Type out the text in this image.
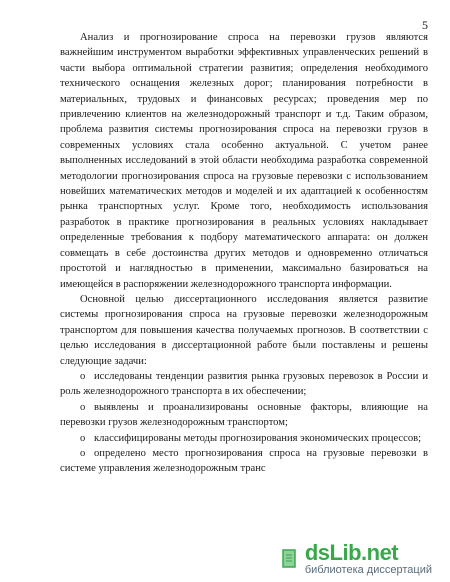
5

Анализ и прогнозирование спроса на перевозки грузов являются важнейшим инструментом выработки эффективных управленческих решений в части выбора оптимальной стратегии развития; определения необходимого технического оснащения железных дорог; планирования потребности в материальных, трудовых и финансовых ресурсах; проведения мер по привлечению клиентов на железнодорожный транспорт и т.д. Таким образом, проблема развития системы прогнозирования спроса на перевозки грузов в современных условиях стала особенно актуальной. С учетом ранее выполненных исследований в этой области необходима разработка современной методологии прогнозирования спроса на грузовые перевозки с использованием новейших математических методов и моделей и их адаптацией к особенностям рынка транспортных услуг. Кроме того, необходимость использования разработок в практике прогнозирования в реальных условиях накладывает определенные требования к подбору математического аппарата: он должен совмещать в себе достоинства других методов и одновременно отличаться простотой и наглядностью в применении, максимально базироваться на имеющейся в распоряжении железнодорожного транспорта информации.

Основной целью диссертационного исследования является развитие системы прогнозирования спроса на грузовые перевозки железнодорожным транспортом для повышения качества получаемых прогнозов. В соответствии с целью исследования в диссертационной работе были поставлены и решены следующие задачи:

o исследованы тенденции развития рынка грузовых перевозок в России и роль железнодорожного транспорта в их обеспечении;
o выявлены и проанализированы основные факторы, влияющие на перевозки грузов железнодорожным транспортом;
o классифицированы методы прогнозирования экономических процессов;
o определено место прогнозирования спроса на грузовые перевозки в системе управления железнодорожным транс
dsLib.net
библиотека диссертаций
